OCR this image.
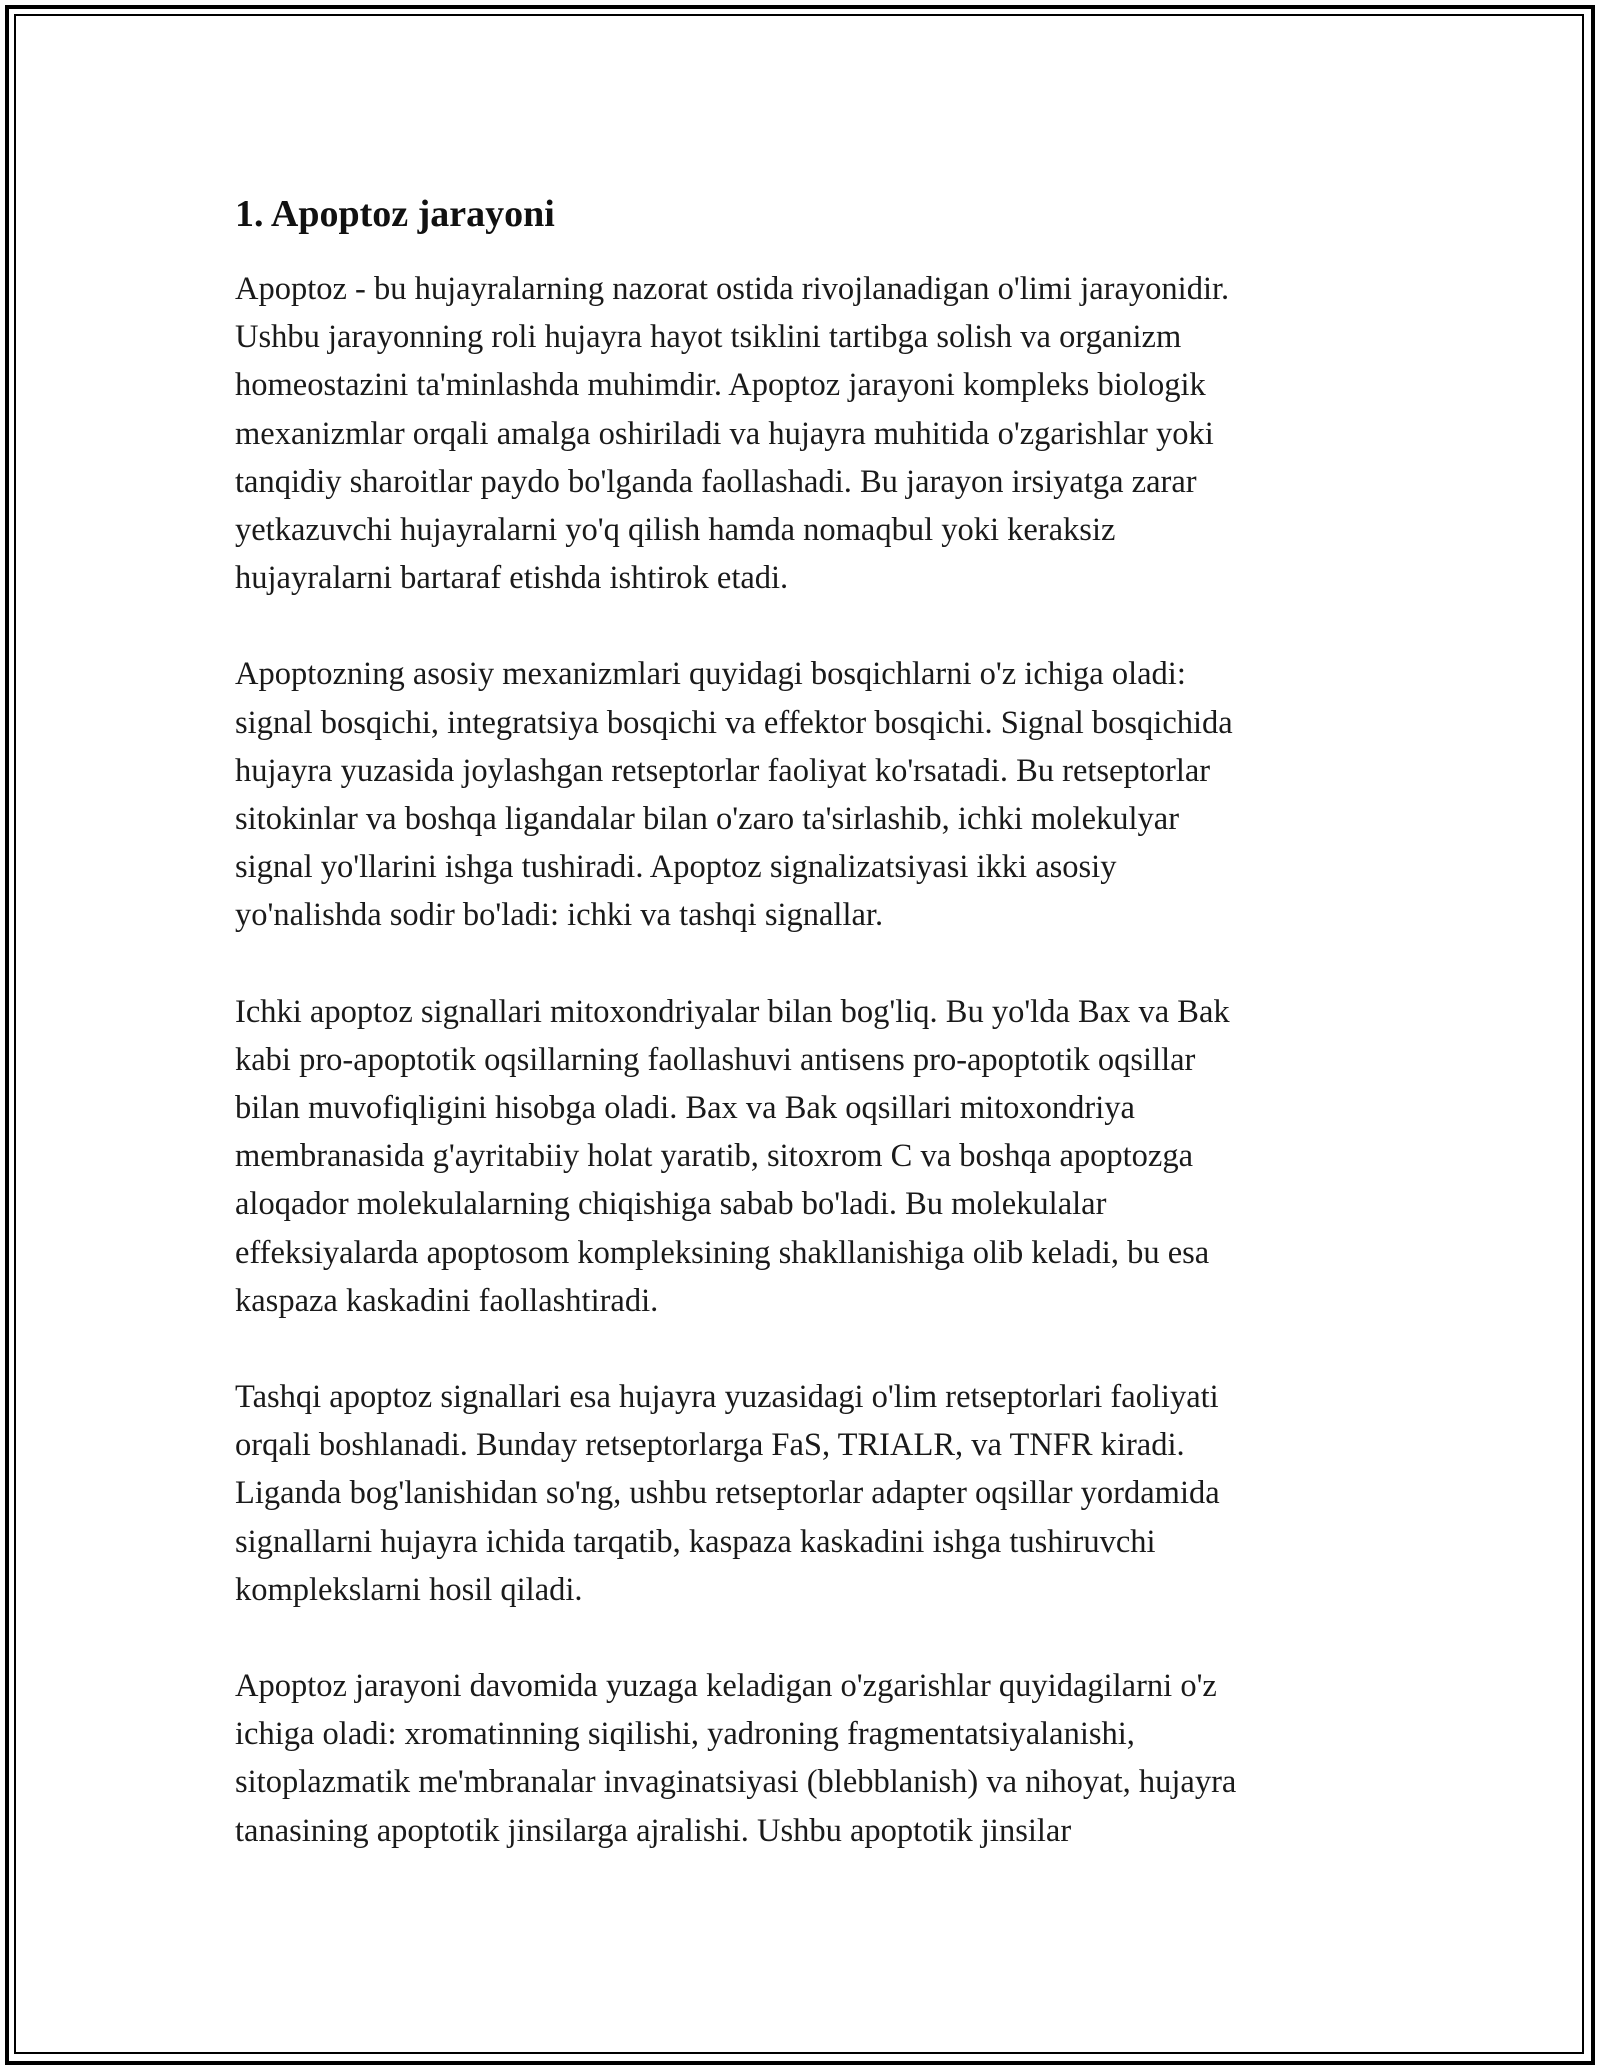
1. Apoptoz jarayoni

Apoptoz - bu hujayralarning nazorat ostida rivojlanadigan o'limi jarayonidir.
Ushbu jarayonning roli hujayra hayot tsiklini tartibga solish va organizm
homeostazini ta'minlashda muhimdir. Apoptoz jarayoni kompleks biologik
mexanizmlar orqali amalga oshiriladi va hujayra muhitida o'zgarishlar yoki
tanqidiy sharoitlar paydo bo'lganda faollashadi. Bu jarayon irsiyatga zarar
yetkazuvchi hujayralarni yo'q qilish hamda nomaqbul yoki keraksiz
hujayralarni bartaraf etishda ishtirok etadi.

Apoptozning asosiy mexanizmlari quyidagi bosqichlarni o'z ichiga oladi:
signal bosqichi, integratsiya bosqichi va effektor bosqichi. Signal bosqichida
hujayra yuzasida joylashgan retseptorlar faoliyat ko'rsatadi. Bu retseptorlar
sitokinlar va boshqa ligandalar bilan o'zaro ta'sirlashib, ichki molekulyar
signal yo'llarini ishga tushiradi. Apoptoz signalizatsiyasi ikki asosiy
yo'nalishda sodir bo'ladi: ichki va tashqi signallar.

Ichki apoptoz signallari mitoxondriyalar bilan bog'liq. Bu yo'lda Bax va Bak
kabi pro-apoptotik oqsillarning faollashuvi antisens pro-apoptotik oqsillar
bilan muvofiqligini hisobga oladi. Bax va Bak oqsillari mitoxondriya
membranasida g'ayritabiiy holat yaratib, sitoxrom C va boshqa apoptozga
aloqador molekulalarning chiqishiga sabab bo'ladi. Bu molekulalar
effeksiyalarda apoptosom kompleksining shakllanishiga olib keladi, bu esa
kaspaza kaskadini faollashtiradi.

Tashqi apoptoz signallari esa hujayra yuzasidagi o'lim retseptorlari faoliyati
orqali boshlanadi. Bunday retseptorlarga FaS, TRIALR, va TNFR kiradi.
Liganda bog'lanishidan so'ng, ushbu retseptorlar adapter oqsillar yordamida
signallarni hujayra ichida tarqatib, kaspaza kaskadini ishga tushiruvchi
komplekslarni hosil qiladi.

Apoptoz jarayoni davomida yuzaga keladigan o'zgarishlar quyidagilarni o'z
ichiga oladi: xromatinning siqilishi, yadroning fragmentatsiyalanishi,
sitoplazmatik me'mbranalar invaginatsiyasi (blebblanish) va nihoyat, hujayra
tanasining apoptotik jinsilarga ajralishi. Ushbu apoptotik jinsilar
